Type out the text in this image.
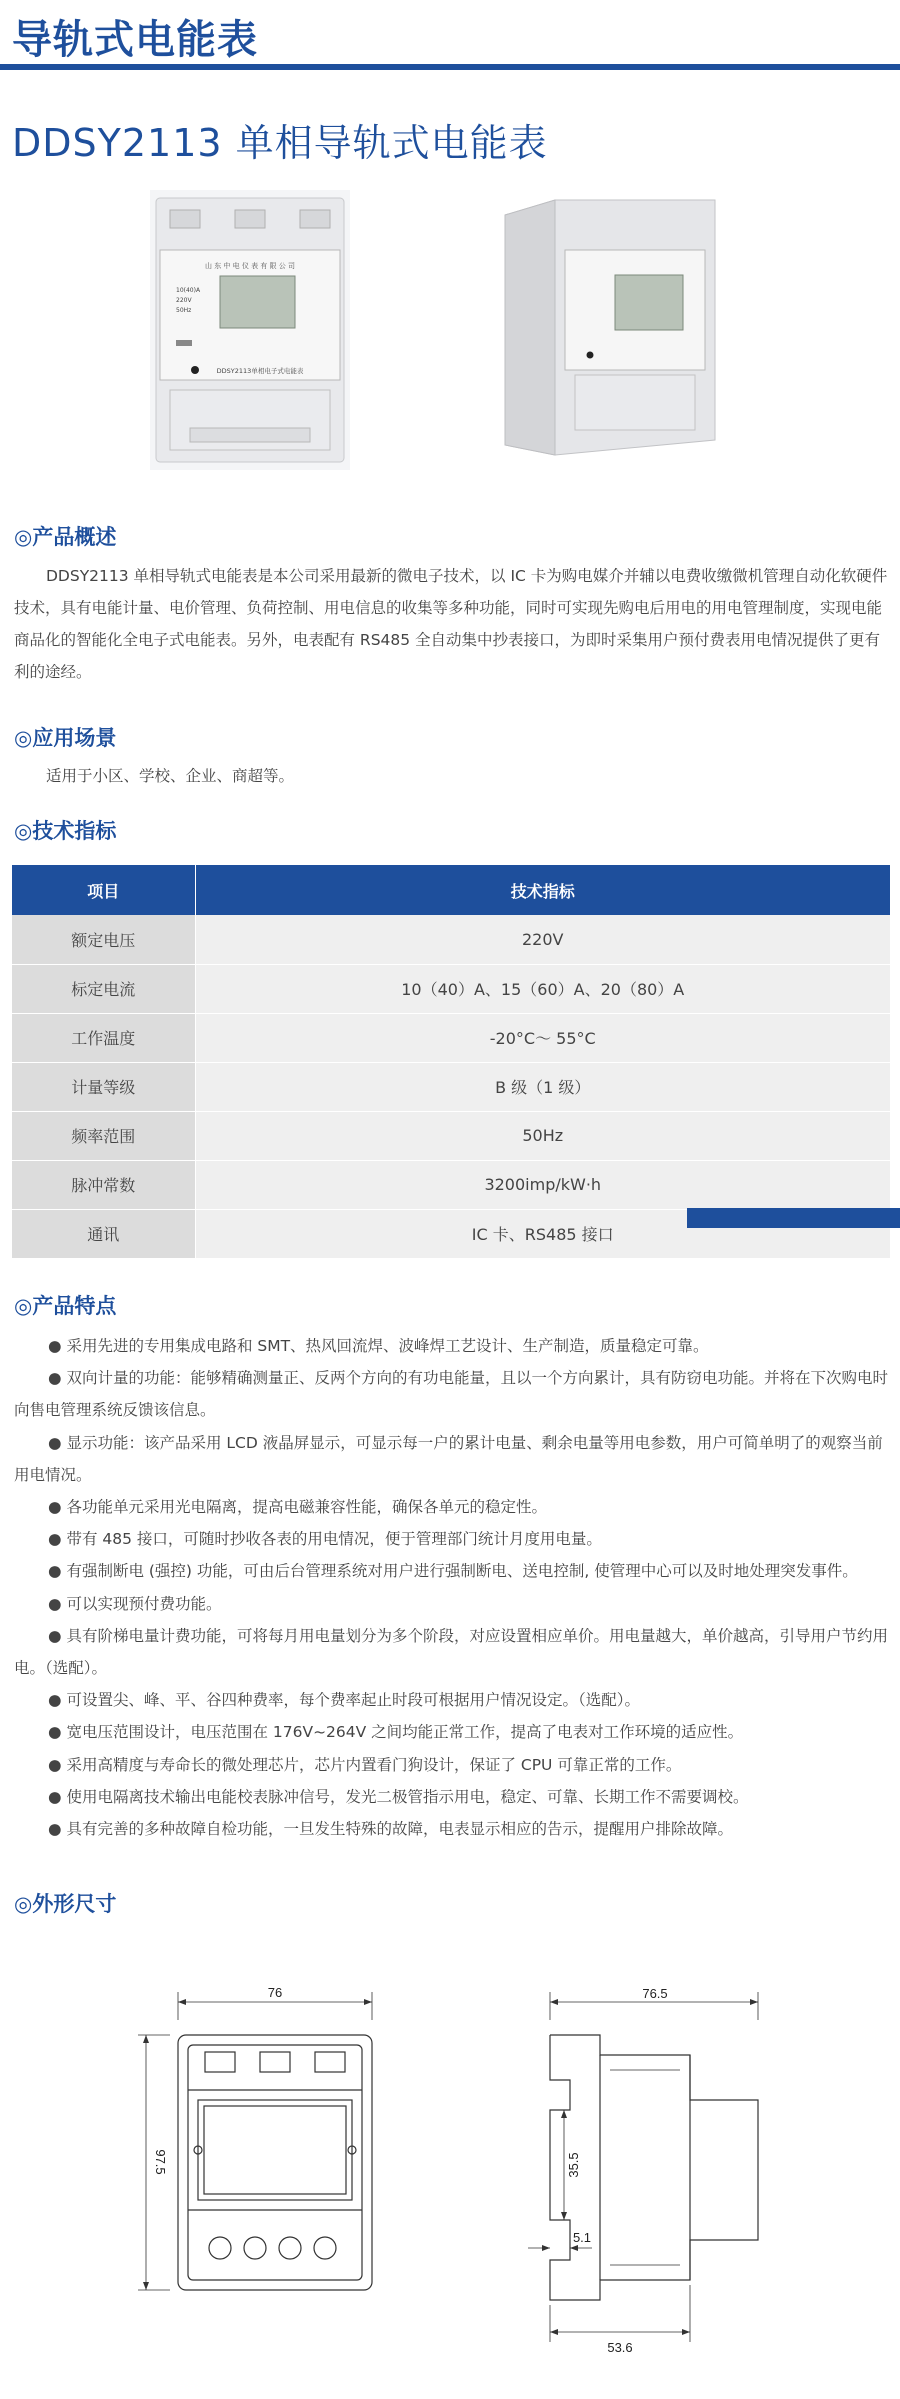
导轨式电能表
DDSY2113 单相导轨式电能表
山 东 中 电 仪 表 有 限 公 司
10(40)A
220V
50Hz
DDSY2113单相电子式电能表
◎产品概述
DDSY2113 单相导轨式电能表是本公司采用最新的微电子技术，以 IC 卡为购电媒介并辅以电费收缴微机管理自动化软硬件技术，具有电能计量、电价管理、负荷控制、用电信息的收集等多种功能，同时可实现先购电后用电的用电管理制度，实现电能商品化的智能化全电子式电能表。另外，电表配有 RS485 全自动集中抄表接口，为即时采集用户预付费表用电情况提供了更有利的途经。
◎应用场景
适用于小区、学校、企业、商超等。
◎技术指标
项目	技术指标
额定电压	220V
标定电流	10（40）A、15（60）A、20（80）A
工作温度	-20°C～ 55°C
计量等级	B 级（1 级）
频率范围	50Hz
脉冲常数	3200imp/kW·h
通讯	IC 卡、RS485 接口
◎产品特点

● 采用先进的专用集成电路和 SMT、热风回流焊、波峰焊工艺设计、生产制造，质量稳定可靠。

● 双向计量的功能：能够精确测量正、反两个方向的有功电能量，且以一个方向累计，具有防窃电功能。并将在下次购电时向售电管理系统反馈该信息。

● 显示功能：该产品采用 LCD 液晶屏显示，可显示每一户的累计电量、剩余电量等用电参数，用户可简单明了的观察当前用电情况。

● 各功能单元采用光电隔离，提高电磁兼容性能，确保各单元的稳定性。

● 带有 485 接口，可随时抄收各表的用电情况，便于管理部门统计月度用电量。

● 有强制断电 (强控) 功能，可由后台管理系统对用户进行强制断电、送电控制, 使管理中心可以及时地处理突发事件。

● 可以实现预付费功能。

● 具有阶梯电量计费功能，可将每月用电量划分为多个阶段，对应设置相应单价。用电量越大，单价越高，引导用户节约用电。（选配）。

● 可设置尖、峰、平、谷四种费率，每个费率起止时段可根据用户情况设定。（选配）。

● 宽电压范围设计，电压范围在 176V~264V 之间均能正常工作，提高了电表对工作环境的适应性。

● 采用高精度与寿命长的微处理芯片，芯片内置看门狗设计，保证了 CPU 可靠正常的工作。

● 使用电隔离技术输出电能校表脉冲信号，发光二极管指示用电，稳定、可靠、长期工作不需要调校。

● 具有完善的多种故障自检功能，一旦发生特殊的故障，电表显示相应的告示，提醒用户排除故障。

◎外形尺寸
76
97.5
76.5
35.5
5.1
53.6
